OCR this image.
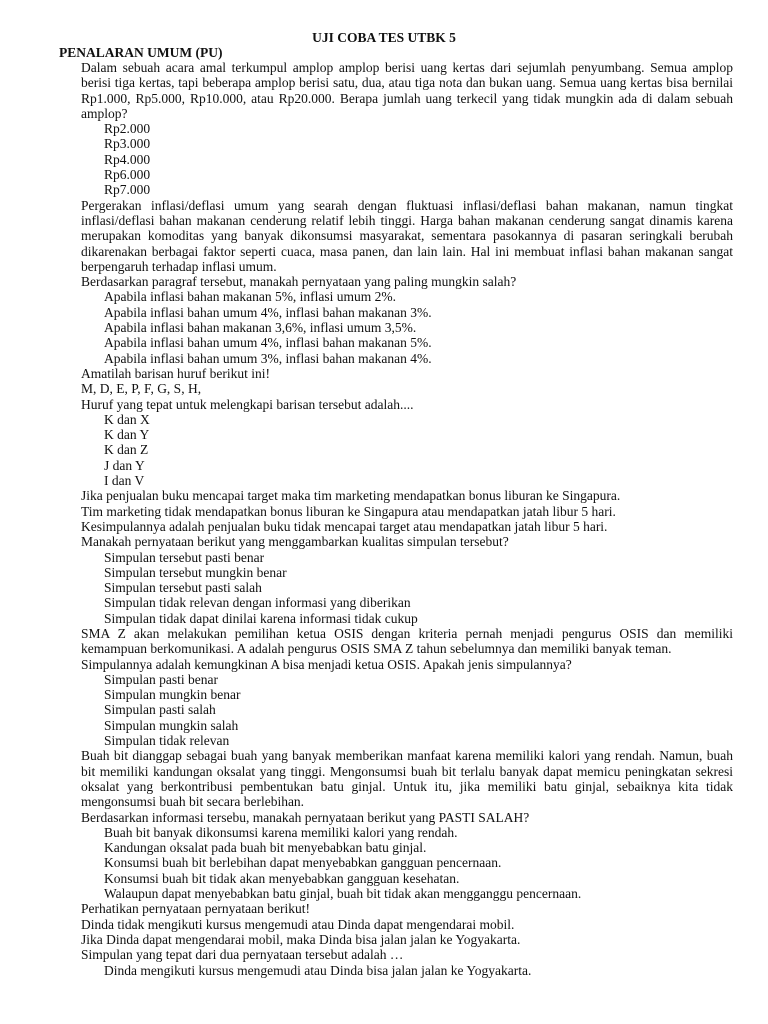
UJI COBA TES UTBK 5
PENALARAN UMUM (PU)

Dalam sebuah acara amal terkumpul amplop amplop berisi uang kertas dari sejumlah penyumbang. Semua amplop berisi tiga kertas, tapi beberapa amplop berisi satu, dua, atau tiga nota dan bukan uang. Semua uang kertas bisa bernilai Rp1.000, Rp5.000, Rp10.000, atau Rp20.000. Berapa jumlah uang terkecil yang tidak mungkin ada di dalam sebuah amplop?

Rp2.000
Rp3.000
Rp4.000
Rp6.000
Rp7.000

Pergerakan inflasi/deflasi umum yang searah dengan fluktuasi inflasi/deflasi bahan makanan, namun tingkat inflasi/deflasi bahan makanan cenderung relatif lebih tinggi. Harga bahan makanan cenderung sangat dinamis karena merupakan komoditas yang banyak dikonsumsi masyarakat, sementara pasokannya di pasaran seringkali berubah dikarenakan berbagai faktor seperti cuaca, masa panen, dan lain lain. Hal ini membuat inflasi bahan makanan sangat berpengaruh terhadap inflasi umum.

Berdasarkan paragraf tersebut, manakah pernyataan yang paling mungkin salah?
Apabila inflasi bahan makanan 5%, inflasi umum 2%.
Apabila inflasi bahan umum 4%, inflasi bahan makanan 3%.
Apabila inflasi bahan makanan 3,6%, inflasi umum 3,5%.
Apabila inflasi bahan umum 4%, inflasi bahan makanan 5%.
Apabila inflasi bahan umum 3%, inflasi bahan makanan 4%.
Amatilah barisan huruf berikut ini!
M, D, E, P, F, G, S, H,
Huruf yang tepat untuk melengkapi barisan tersebut adalah....
K dan X
K dan Y
K dan Z
J dan Y
I dan V
Jika penjualan buku mencapai target maka tim marketing mendapatkan bonus liburan ke Singapura.
Tim marketing tidak mendapatkan bonus liburan ke Singapura atau mendapatkan jatah libur 5 hari.
Kesimpulannya adalah penjualan buku tidak mencapai target atau mendapatkan jatah libur 5 hari.
Manakah pernyataan berikut yang menggambarkan kualitas simpulan tersebut?
Simpulan tersebut pasti benar
Simpulan tersebut mungkin benar
Simpulan tersebut pasti salah
Simpulan tidak relevan dengan informasi yang diberikan
Simpulan tidak dapat dinilai karena informasi tidak cukup

SMA Z akan melakukan pemilihan ketua OSIS dengan kriteria pernah menjadi pengurus OSIS dan memiliki kemampuan berkomunikasi. A adalah pengurus OSIS SMA Z tahun sebelumnya dan memiliki banyak teman.

Simpulannya adalah kemungkinan A bisa menjadi ketua OSIS. Apakah jenis simpulannya?
Simpulan pasti benar
Simpulan mungkin benar
Simpulan pasti salah
Simpulan mungkin salah
Simpulan tidak relevan

Buah bit dianggap sebagai buah yang banyak memberikan manfaat karena memiliki kalori yang rendah. Namun, buah bit memiliki kandungan oksalat yang tinggi. Mengonsumsi buah bit terlalu banyak dapat memicu peningkatan sekresi oksalat yang berkontribusi pembentukan batu ginjal. Untuk itu, jika memiliki batu ginjal, sebaiknya kita tidak mengonsumsi buah bit secara berlebihan.

Berdasarkan informasi tersebu, manakah pernyataan berikut yang PASTI SALAH?
Buah bit banyak dikonsumsi karena memiliki kalori yang rendah.
Kandungan oksalat pada buah bit menyebabkan batu ginjal.
Konsumsi buah bit berlebihan dapat menyebabkan gangguan pencernaan.
Konsumsi buah bit tidak akan menyebabkan gangguan kesehatan.
Walaupun dapat menyebabkan batu ginjal, buah bit tidak akan mengganggu pencernaan.
Perhatikan pernyataan pernyataan berikut!
Dinda tidak mengikuti kursus mengemudi atau Dinda dapat mengendarai mobil.
Jika Dinda dapat mengendarai mobil, maka Dinda bisa jalan jalan ke Yogyakarta.
Simpulan yang tepat dari dua pernyataan tersebut adalah …
Dinda mengikuti kursus mengemudi atau Dinda bisa jalan jalan ke Yogyakarta.
